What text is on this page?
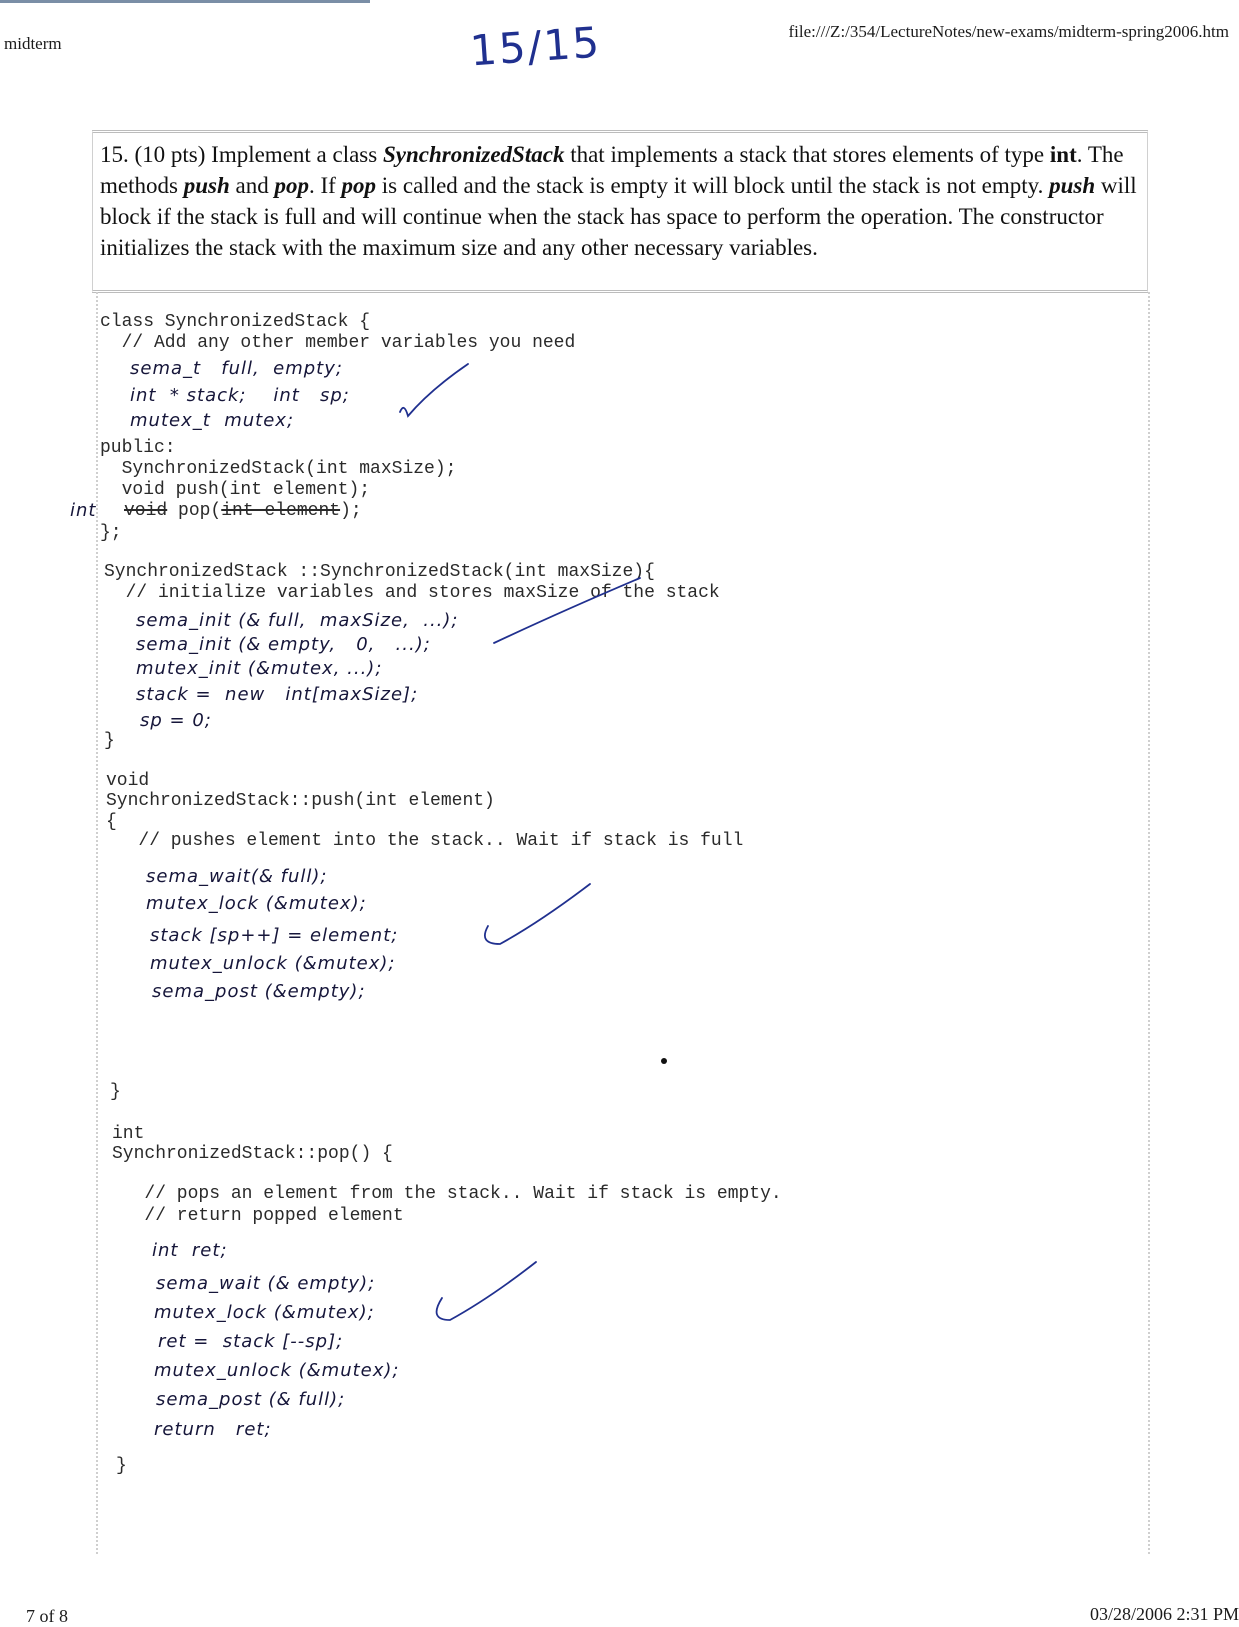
midterm	15/15	file:///Z:/354/LectureNotes/new-exams/midterm-spring2006.htm
15. (10 pts) Implement a class SynchronizedStack that implements a stack that stores elements of type int. The methods push and pop. If pop is called and the stack is empty it will block until the stack is not empty. push will block if the stack is full and will continue when the stack has space to perform the operation. The constructor initializes the stack with the maximum size and any other necessary variables.
class SynchronizedStack {
// Add any other member variables you need
public:
SynchronizedStack(int maxSize);
void push(int element);
void pop(int element);
};
SynchronizedStack ::SynchronizedStack(int maxSize){
// initialize variables and stores maxSize of the stack
}
void
SynchronizedStack::push(int element)
{
// pushes element into the stack.. Wait if stack is full
}
int
SynchronizedStack::pop() {
// pops an element from the stack.. Wait if stack is empty.
// return popped element
}
sema_t   full,  empty;
int  * stack;    int   sp;
mutex_t  mutex;
int
sema_init (& full,  maxSize,  ...);
sema_init (& empty,   0,   ...);
mutex_init (&mutex, ...);
stack =  new   int[maxSize];
sp = 0;
sema_wait(& full);
mutex_lock (&mutex);
stack [sp++] = element;
mutex_unlock (&mutex);
sema_post (&empty);
int  ret;
sema_wait (& empty);
mutex_lock (&mutex);
ret =  stack [--sp];
mutex_unlock (&mutex);
sema_post (& full);
return   ret;
7 of 8	03/28/2006 2:31 PM
